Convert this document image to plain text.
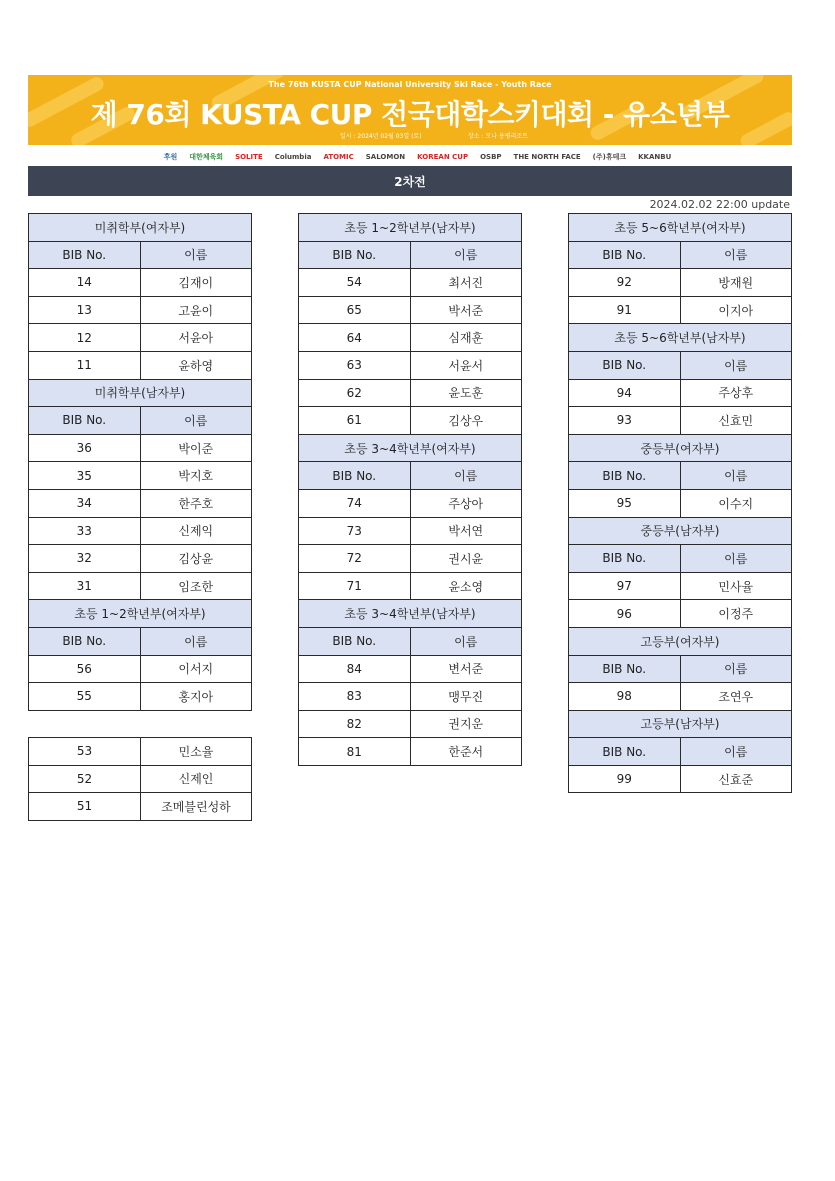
The 76th KUSTA CUP National University Ski Race - Youth Race
제 76회 KUSTA CUP 전국대학스키대회 - 유소년부
일시 : 2024년 02월 03일 (토)	장소 : 모나 용평리조트
후원 대한체육회 SOLITE Columbia ATOMIC SALOMON KOREAN CUP OSBP THE NORTH FACE (주)휴테크 KKANBU
2차전
2024.02.02 22:00 update
미취학부(여자부)	
BIB No.	이름
14	김재이
13	고윤이
12	서윤아
11	윤하영
미취학부(남자부)	
BIB No.	이름
36	박이준
35	박지호
34	한주호
33	신제익
32	김상윤
31	임조한
초등 1~2학년부(여자부)	
BIB No.	이름
56	이서지
55	홍지아
53	민소율
52	신제인
51	조메블린성하
초등 1~2학년부(남자부)	
BIB No.	이름
54	최서진
65	박서준
64	심재훈
63	서윤서
62	윤도훈
61	김상우
초등 3~4학년부(여자부)	
BIB No.	이름
74	주상아
73	박서연
72	권시윤
71	윤소영
초등 3~4학년부(남자부)	
BIB No.	이름
84	변서준
83	맹무진
82	권지운
81	한준서
초등 5~6학년부(여자부)	
BIB No.	이름
92	방재원
91	이지아
초등 5~6학년부(남자부)	
BIB No.	이름
94	주상후
93	신효민
중등부(여자부)	
BIB No.	이름
95	이수지
중등부(남자부)	
BIB No.	이름
97	민사율
96	이정주
고등부(여자부)	
BIB No.	이름
98	조연우
고등부(남자부)	
BIB No.	이름
99	신효준
